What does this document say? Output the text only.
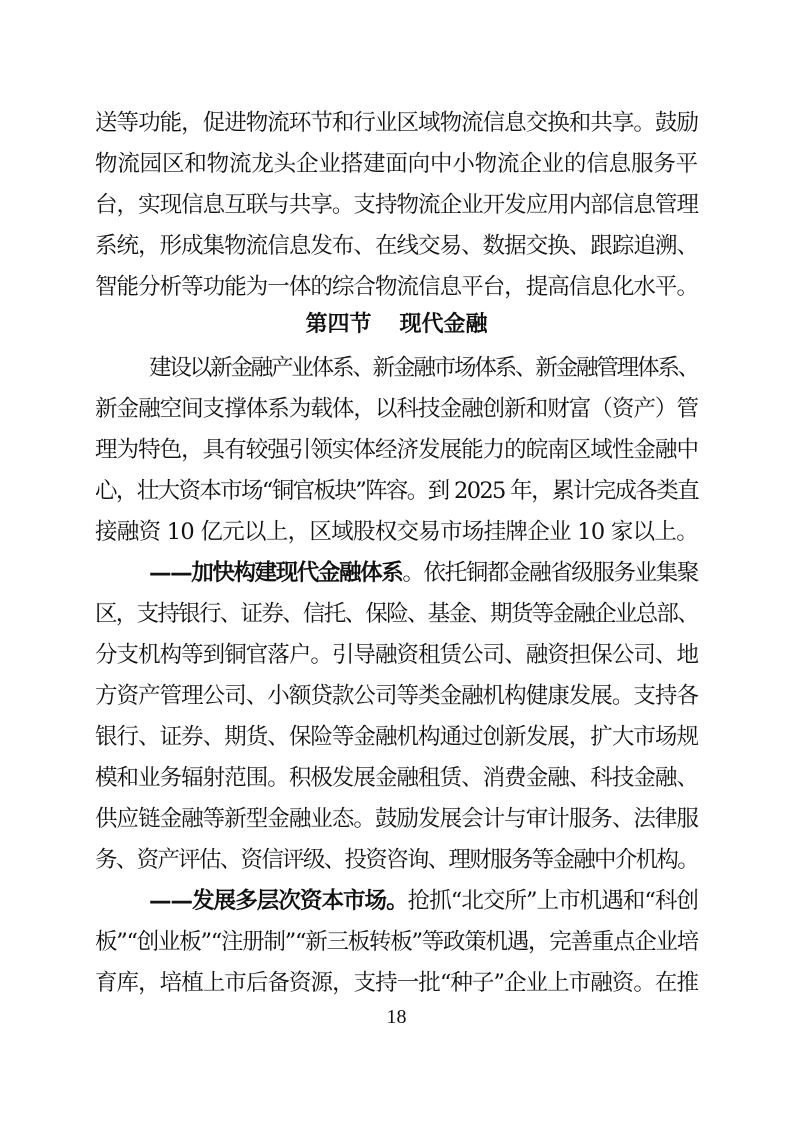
送等功能，促进物流环节和行业区域物流信息交换和共享。鼓励
物流园区和物流龙头企业搭建面向中小物流企业的信息服务平
台，实现信息互联与共享。支持物流企业开发应用内部信息管理
系统，形成集物流信息发布、在线交易、数据交换、跟踪追溯、
智能分析等功能为一体的综合物流信息平台，提高信息化水平。
第四节 现代金融
建设以新金融产业体系、新金融市场体系、新金融管理体系、
新金融空间支撑体系为载体，以科技金融创新和财富（资产）管
理为特色，具有较强引领实体经济发展能力的皖南区域性金融中
心，壮大资本市场“铜官板块”阵容。到 2025 年，累计完成各类直
接融资 10 亿元以上，区域股权交易市场挂牌企业 10 家以上。
——加快构建现代金融体系。依托铜都金融省级服务业集聚
区，支持银行、证券、信托、保险、基金、期货等金融企业总部、
分支机构等到铜官落户。引导融资租赁公司、融资担保公司、地
方资产管理公司、小额贷款公司等类金融机构健康发展。支持各
银行、证券、期货、保险等金融机构通过创新发展，扩大市场规
模和业务辐射范围。积极发展金融租赁、消费金融、科技金融、
供应链金融等新型金融业态。鼓励发展会计与审计服务、法律服
务、资产评估、资信评级、投资咨询、理财服务等金融中介机构。
——发展多层次资本市场。抢抓“北交所”上市机遇和“科创
板”“创业板”“注册制”“新三板转板”等政策机遇，完善重点企业培
育库，培植上市后备资源，支持一批“种子”企业上市融资。在推
18
